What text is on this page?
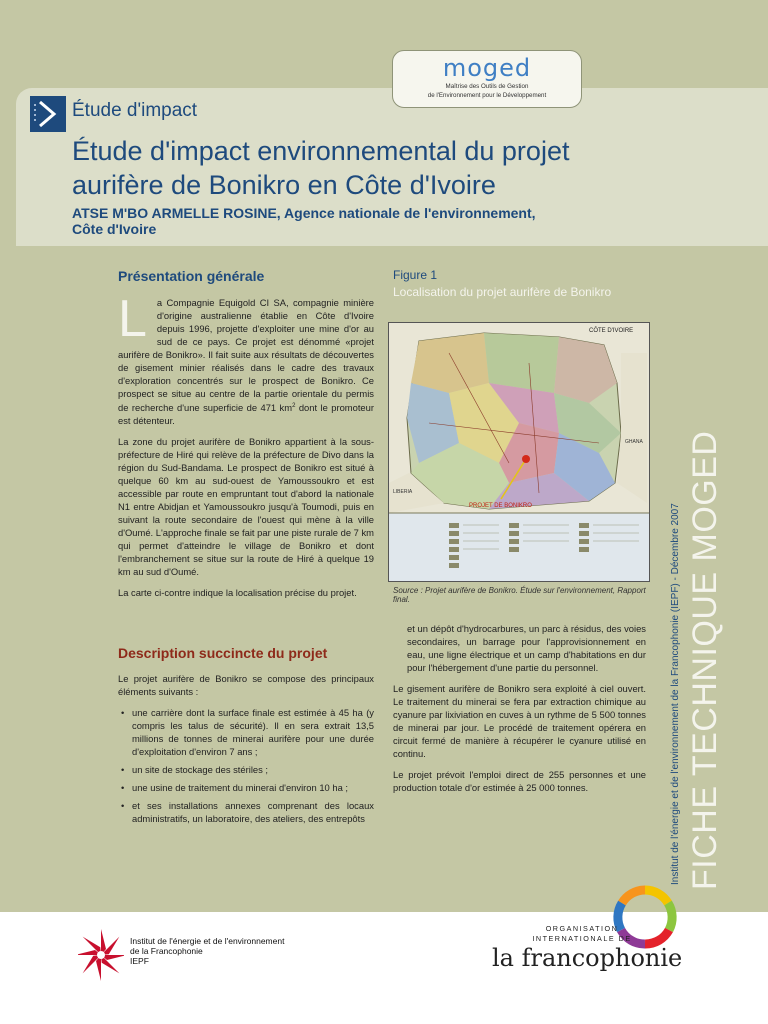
moged
Maîtrise des Outils de Gestion
de l'Environnement pour le Développement
Étude d'impact
Étude d'impact environnemental du projet
aurifère de Bonikro en Côte d'Ivoire
ATSE M'BO ARMELLE ROSINE, Agence nationale de l'environnement,
Côte d'Ivoire
Institut de l'énergie et de l'environnement de la Francophonie (IEPF) - Décembre 2007 FICHE TECHNIQUE MOGED
Présentation générale

L a Compagnie Equigold CI SA, compagnie minière d'origine australienne établie en Côte d'Ivoire depuis 1996, projette d'exploiter une mine d'or au sud de ce pays. Ce projet est dénommé «projet aurifère de Bonikro». Il fait suite aux résultats de découvertes de gisement minier réalisés dans le cadre des travaux d'exploration concentrés sur le prospect de Bonikro. Ce prospect se situe au centre de la partie orientale du permis de recherche d'une superficie de 471 $km^2$ dont le promoteur est détenteur.

La zone du projet aurifère de Bonikro appartient à la sous-préfecture de Hiré qui relève de la préfecture de Divo dans la région du Sud-Bandama. Le prospect de Bonikro est situé à quelque 60 km au sud-ouest de Yamoussoukro et est accessible par route en empruntant tout d'abord la nationale N1 entre Abidjan et Yamoussoukro jusqu'à Toumodi, puis en suivant la route secondaire de l'ouest qui mène à la ville d'Oumé. L'approche finale se fait par une piste rurale de 7 km qui permet d'atteindre le village de Bonikro et dont l'embranchement se situe sur la route de Hiré à quelque 19 km au sud d'Oumé.

La carte ci-contre indique la localisation précise du projet.

Description succincte du projet

Le projet aurifère de Bonikro se compose des principaux éléments suivants :

• une carrière dont la surface finale est estimée à 45 ha (y compris les talus de sécurité). Il en sera extrait 13,5 millions de tonnes de minerai aurifère pour une durée d'exploitation d'environ 7 ans ;
• un site de stockage des stériles ;
• une usine de traitement du minerai d'environ 10 ha ;
• et ses installations annexes comprenant des locaux administratifs, un laboratoire, des ateliers, des entrepôts

et un dépôt d'hydrocarbures, un parc à résidus, des voies secondaires, un barrage pour l'approvisionnement en eau, une ligne électrique et un camp d'habitations en dur pour l'hébergement d'une partie du personnel.

Le gisement aurifère de Bonikro sera exploité à ciel ouvert. Le traitement du minerai se fera par extraction chimique au cyanure par lixiviation en cuves à un rythme de 5 500 tonnes de minerai par jour. Le procédé de traitement opérera en circuit fermé de manière à récupérer le cyanure utilisé en continu.

Le projet prévoit l'emploi direct de 255 personnes et une production totale d'or estimée à 25 000 tonnes.

Figure 1
Localisation du projet aurifère de Bonikro
PROJET DE BONIKRO
CÔTE D'IVOIRE
GHANA
LIBERIA
Source : Projet aurifère de Bonikro. Étude sur l'environnement, Rapport final.
Institut de l'énergie et de l'environnement
de la Francophonie
IEPF
ORGANISATION
INTERNATIONALE DE
la francophonie
